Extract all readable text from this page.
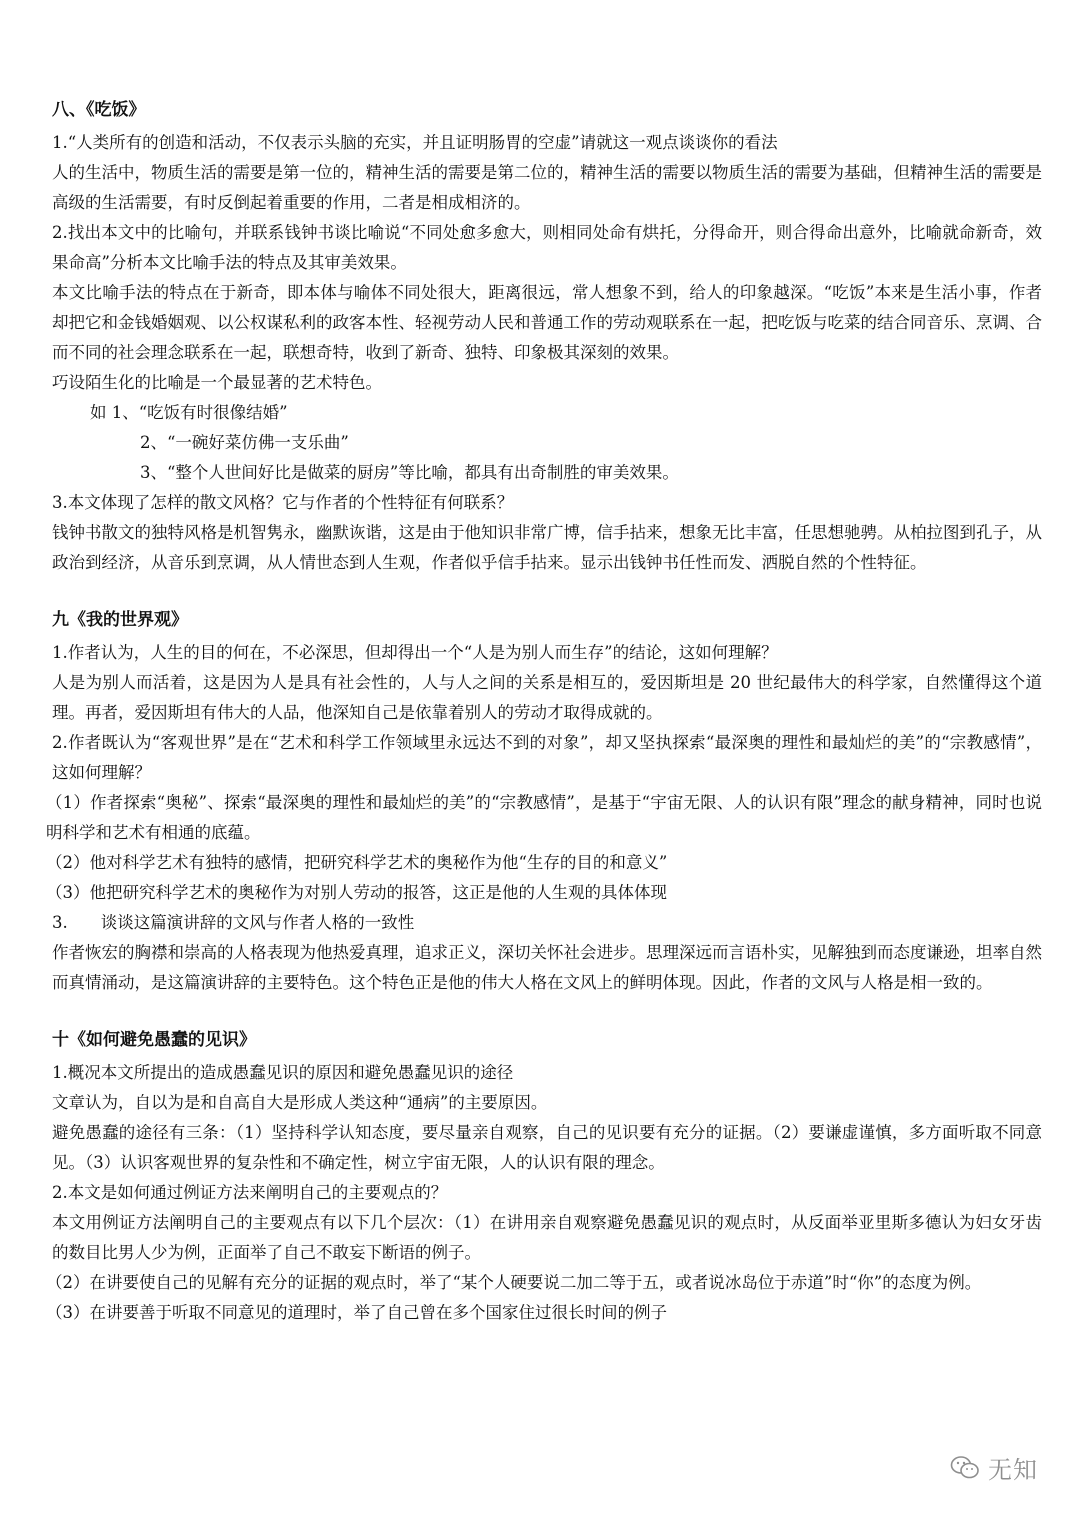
八、《吃饭》

1.“人类所有的创造和活动，不仅表示头脑的充实，并且证明肠胃的空虚”请就这一观点谈谈你的看法

人的生活中，物质生活的需要是第一位的，精神生活的需要是第二位的，精神生活的需要以物质生活的需要为基础，但精神生活的需要是高级的生活需要，有时反倒起着重要的作用，二者是相成相济的。

2.找出本文中的比喻句，并联系钱钟书谈比喻说“不同处愈多愈大，则相同处命有烘托，分得命开，则合得命出意外，比喻就命新奇，效果命高”分析本文比喻手法的特点及其审美效果。

本文比喻手法的特点在于新奇，即本体与喻体不同处很大，距离很远，常人想象不到，给人的印象越深。“吃饭”本来是生活小事，作者却把它和金钱婚姻观、以公权谋私利的政客本性、轻视劳动人民和普通工作的劳动观联系在一起，把吃饭与吃菜的结合同音乐、烹调、合而不同的社会理念联系在一起，联想奇特，收到了新奇、独特、印象极其深刻的效果。

巧设陌生化的比喻是一个最显著的艺术特色。

如 1、“吃饭有时很像结婚”

2、“一碗好菜仿佛一支乐曲”

3、“整个人世间好比是做菜的厨房”等比喻，都具有出奇制胜的审美效果。

3.本文体现了怎样的散文风格？它与作者的个性特征有何联系？

钱钟书散文的独特风格是机智隽永，幽默诙谐，这是由于他知识非常广博，信手拈来，想象无比丰富，任思想驰骋。从柏拉图到孔子，从政治到经济，从音乐到烹调，从人情世态到人生观，作者似乎信手拈来。显示出钱钟书任性而发、洒脱自然的个性特征。

九《我的世界观》

1.作者认为，人生的目的何在，不必深思，但却得出一个“人是为别人而生存”的结论，这如何理解？

人是为别人而活着，这是因为人是具有社会性的，人与人之间的关系是相互的，爱因斯坦是 20 世纪最伟大的科学家，自然懂得这个道理。再者，爱因斯坦有伟大的人品，他深知自己是依靠着别人的劳动才取得成就的。

2.作者既认为“客观世界”是在“艺术和科学工作领域里永远达不到的对象”，却又坚执探索“最深奥的理性和最灿烂的美”的“宗教感情”，这如何理解？

（1）作者探索“奥秘”、探索“最深奥的理性和最灿烂的美”的“宗教感情”，是基于“宇宙无限、人的认识有限”理念的献身精神，同时也说明科学和艺术有相通的底蕴。

（2）他对科学艺术有独特的感情，把研究科学艺术的奥秘作为他“生存的目的和意义”

（3）他把研究科学艺术的奥秘作为对别人劳动的报答，这正是他的人生观的具体体现

3.　　谈谈这篇演讲辞的文风与作者人格的一致性

作者恢宏的胸襟和崇高的人格表现为他热爱真理，追求正义，深切关怀社会进步。思理深远而言语朴实，见解独到而态度谦逊，坦率自然而真情涌动，是这篇演讲辞的主要特色。这个特色正是他的伟大人格在文风上的鲜明体现。因此，作者的文风与人格是相一致的。

十《如何避免愚蠢的见识》

1.概况本文所提出的造成愚蠢见识的原因和避免愚蠢见识的途径

文章认为，自以为是和自高自大是形成人类这种“通病”的主要原因。

避免愚蠢的途径有三条：（1）坚持科学认知态度，要尽量亲自观察，自己的见识要有充分的证据。（2）要谦虚谨慎，多方面听取不同意见。（3）认识客观世界的复杂性和不确定性，树立宇宙无限，人的认识有限的理念。

2.本文是如何通过例证方法来阐明自己的主要观点的？

本文用例证方法阐明自己的主要观点有以下几个层次：（1）在讲用亲自观察避免愚蠢见识的观点时，从反面举亚里斯多德认为妇女牙齿的数目比男人少为例，正面举了自己不敢妄下断语的例子。

（2）在讲要使自己的见解有充分的证据的观点时，举了“某个人硬要说二加二等于五，或者说冰岛位于赤道”时“你”的态度为例。

（3）在讲要善于听取不同意见的道理时，举了自己曾在多个国家住过很长时间的例子

无知
